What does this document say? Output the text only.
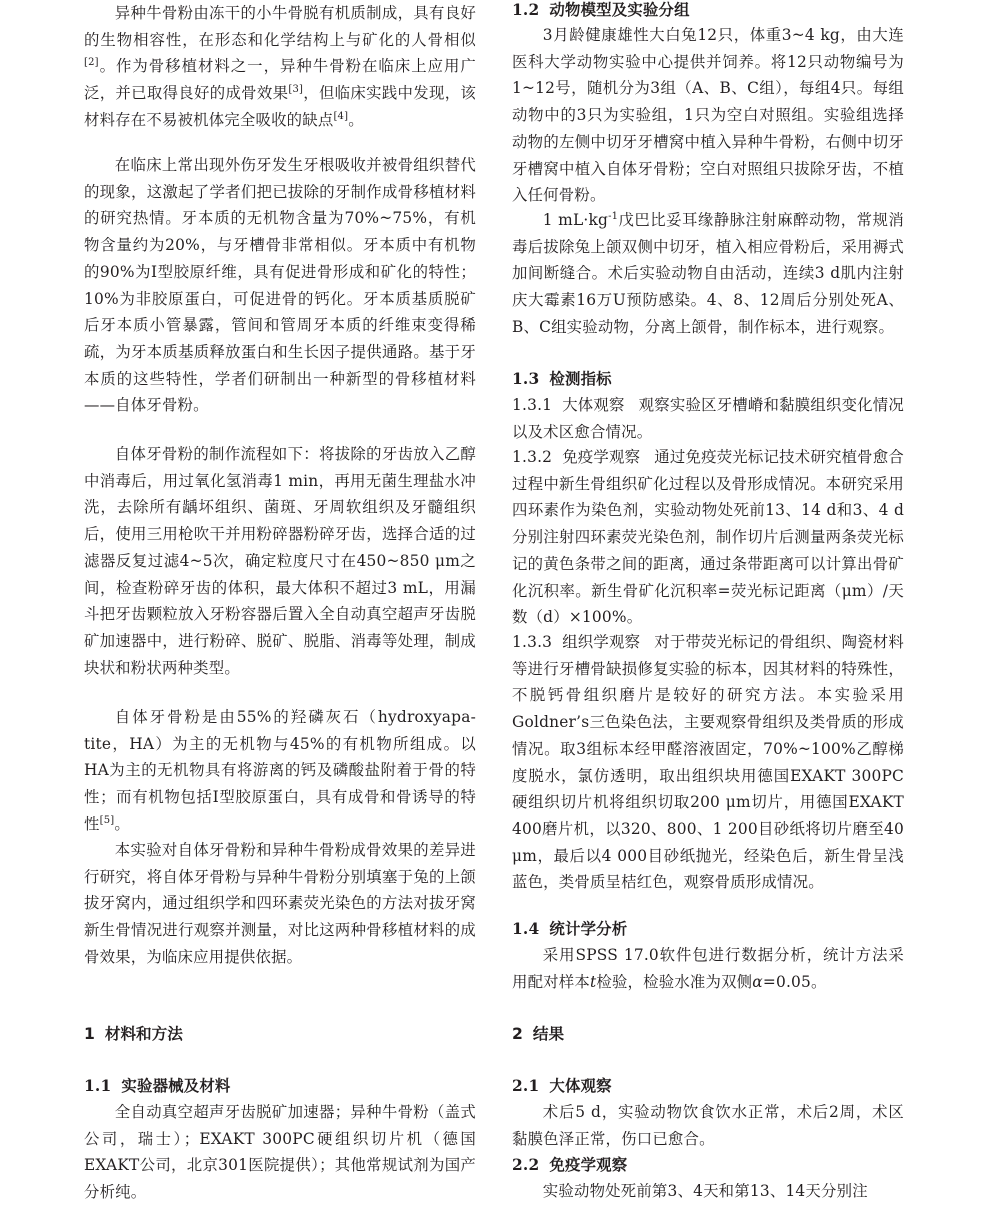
异种牛骨粉由冻干的小牛骨脱有机质制成，具有良好的生物相容性，在形态和化学结构上与矿化的人骨相似[2]。作为骨移植材料之一，异种牛骨粉在临床上应用广泛，并已取得良好的成骨效果[3]，但临床实践中发现，该材料存在不易被机体完全吸收的缺点[4]。

在临床上常出现外伤牙发生牙根吸收并被骨组织替代的现象，这激起了学者们把已拔除的牙制作成骨移植材料的研究热情。牙本质的无机物含量为70%~75%，有机物含量约为20%，与牙槽骨非常相似。牙本质中有机物的90%为Ⅰ型胶原纤维，具有促进骨形成和矿化的特性；10%为非胶原蛋白，可促进骨的钙化。牙本质基质脱矿后牙本质小管暴露，管间和管周牙本质的纤维束变得稀疏，为牙本质基质释放蛋白和生长因子提供通路。基于牙本质的这些特性，学者们研制出一种新型的骨移植材料——自体牙骨粉。

自体牙骨粉的制作流程如下：将拔除的牙齿放入乙醇中消毒后，用过氧化氢消毒1 min，再用无菌生理盐水冲洗，去除所有龋坏组织、菌斑、牙周软组织及牙髓组织后，使用三用枪吹干并用粉碎器粉碎牙齿，选择合适的过滤器反复过滤4~5次，确定粒度尺寸在450~850 μm之间，检查粉碎牙齿的体积，最大体积不超过3 mL，用漏斗把牙齿颗粒放入牙粉容器后置入全自动真空超声牙齿脱矿加速器中，进行粉碎、脱矿、脱脂、消毒等处理，制成块状和粉状两种类型。

自体牙骨粉是由55%的羟磷灰石（hydroxyapa-tite，HA）为主的无机物与45%的有机物所组成。以HA为主的无机物具有将游离的钙及磷酸盐附着于骨的特性；而有机物包括Ⅰ型胶原蛋白，具有成骨和骨诱导的特性[5]。

本实验对自体牙骨粉和异种牛骨粉成骨效果的差异进行研究，将自体牙骨粉与异种牛骨粉分别填塞于兔的上颌拔牙窝内，通过组织学和四环素荧光染色的方法对拔牙窝新生骨情况进行观察并测量，对比这两种骨移植材料的成骨效果，为临床应用提供依据。

1 材料和方法
1.1 实验器械及材料

全自动真空超声牙齿脱矿加速器；异种牛骨粉（盖式公司，瑞士）；EXAKT 300PC硬组织切片机（德国EXAKT公司，北京301医院提供）；其他常规试剂为国产分析纯。

1.2 动物模型及实验分组

3月龄健康雄性大白兔12只，体重3~4 kg，由大连医科大学动物实验中心提供并饲养。将12只动物编号为1~12号，随机分为3组（A、B、C组），每组4只。每组动物中的3只为实验组，1只为空白对照组。实验组选择动物的左侧中切牙牙槽窝中植入异种牛骨粉，右侧中切牙牙槽窝中植入自体牙骨粉；空白对照组只拔除牙齿，不植入任何骨粉。

1 mL·kg$^{-1}$戊巴比妥耳缘静脉注射麻醉动物，常规消毒后拔除兔上颌双侧中切牙，植入相应骨粉后，采用褥式加间断缝合。术后实验动物自由活动，连续3 d肌内注射庆大霉素16万U预防感染。4、8、12周后分别处死A、B、C组实验动物，分离上颌骨，制作标本，进行观察。

1.3 检测指标

1.3.1 大体观察 观察实验区牙槽嵴和黏膜组织变化情况以及术区愈合情况。

1.3.2 免疫学观察 通过免疫荧光标记技术研究植骨愈合过程中新生骨组织矿化过程以及骨形成情况。本研究采用四环素作为染色剂，实验动物处死前13、14 d和3、4 d分别注射四环素荧光染色剂，制作切片后测量两条荧光标记的黄色条带之间的距离，通过条带距离可以计算出骨矿化沉积率。新生骨矿化沉积率=荧光标记距离（μm）/天数（d）×100%。

1.3.3 组织学观察 对于带荧光标记的骨组织、陶瓷材料等进行牙槽骨缺损修复实验的标本，因其材料的特殊性，不脱钙骨组织磨片是较好的研究方法。本实验采用Goldner’s三色染色法，主要观察骨组织及类骨质的形成情况。取3组标本经甲醛溶液固定，70%~100%乙醇梯度脱水，氯仿透明，取出组织块用德国EXAKT 300PC硬组织切片机将组织切取200 μm切片，用德国EXAKT 400磨片机，以320、800、1 200目砂纸将切片磨至40 μm，最后以4 000目砂纸抛光，经染色后，新生骨呈浅蓝色，类骨质呈桔红色，观察骨质形成情况。

1.4 统计学分析

采用SPSS 17.0软件包进行数据分析，统计方法采用配对样本t检验，检验水准为双侧α=0.05。

2 结果
2.1 大体观察

术后5 d，实验动物饮食饮水正常，术后2周，术区黏膜色泽正常，伤口已愈合。

2.2 免疫学观察

实验动物处死前第3、4天和第13、14天分别注
